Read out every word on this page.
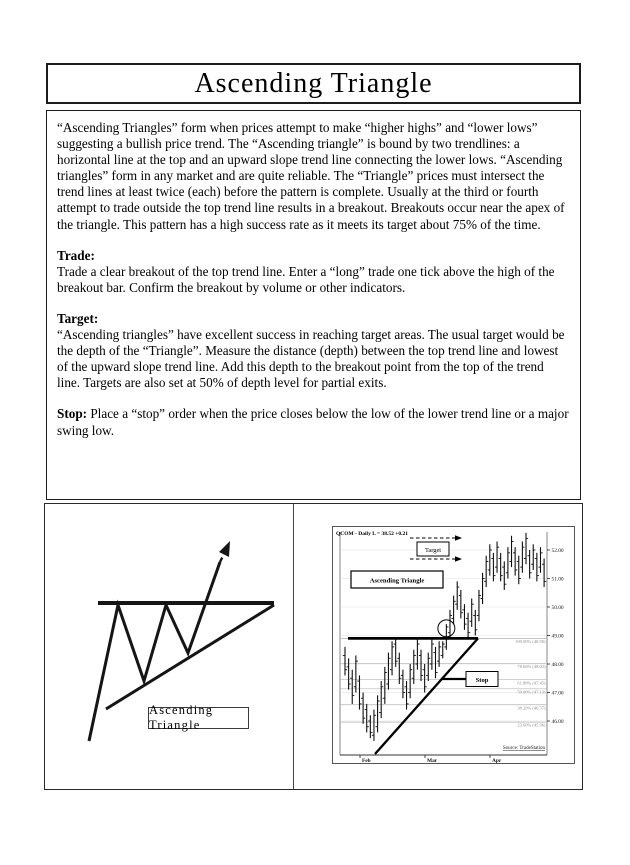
Ascending Triangle

“Ascending Triangles” form when prices attempt to make “higher highs” and “lower lows” suggesting a bullish price trend. The “Ascending triangle” is bound by two trendlines: a horizontal line at the top and an upward slope trend line connecting the lower lows. “Ascending triangles” form in any market and are quite reliable. The “Triangle” prices must intersect the trend lines at least twice (each) before the pattern is complete. Usually at the third or fourth attempt to trade outside the top trend line results in a breakout. Breakouts occur near the apex of the triangle. This pattern has a high success rate as it meets its target about 75% of the time.

Trade:

Trade a clear breakout of the top trend line. Enter a “long” trade one tick above the high of the breakout bar. Confirm the breakout by volume or other indicators.

Target:

“Ascending triangles” have excellent success in reaching target areas. The usual target would be the depth of the “Triangle”. Measure the distance (depth) between the top trend line and lowest of the upward slope trend line. Add this depth to the breakout point from the top of the trend line. Targets are also set at 50% of depth level for partial exits.

Stop: Place a “stop” order when the price closes below the low of the lower trend line or a major swing low.

Ascending Triangle
52.00
51.00
50.00
49.00
48.00
47.00
46.00
100.00% (48.90)
78.66% (48.02)
61.80% (47.45)
50.00% (47.13)
38.20% (46.57)
23.60% (45.96)
Target
Ascending Triangle
Stop
QCOM - Daily L = 38.52 +0.21
Source: TradeStation
Feb	Mar	Apr
